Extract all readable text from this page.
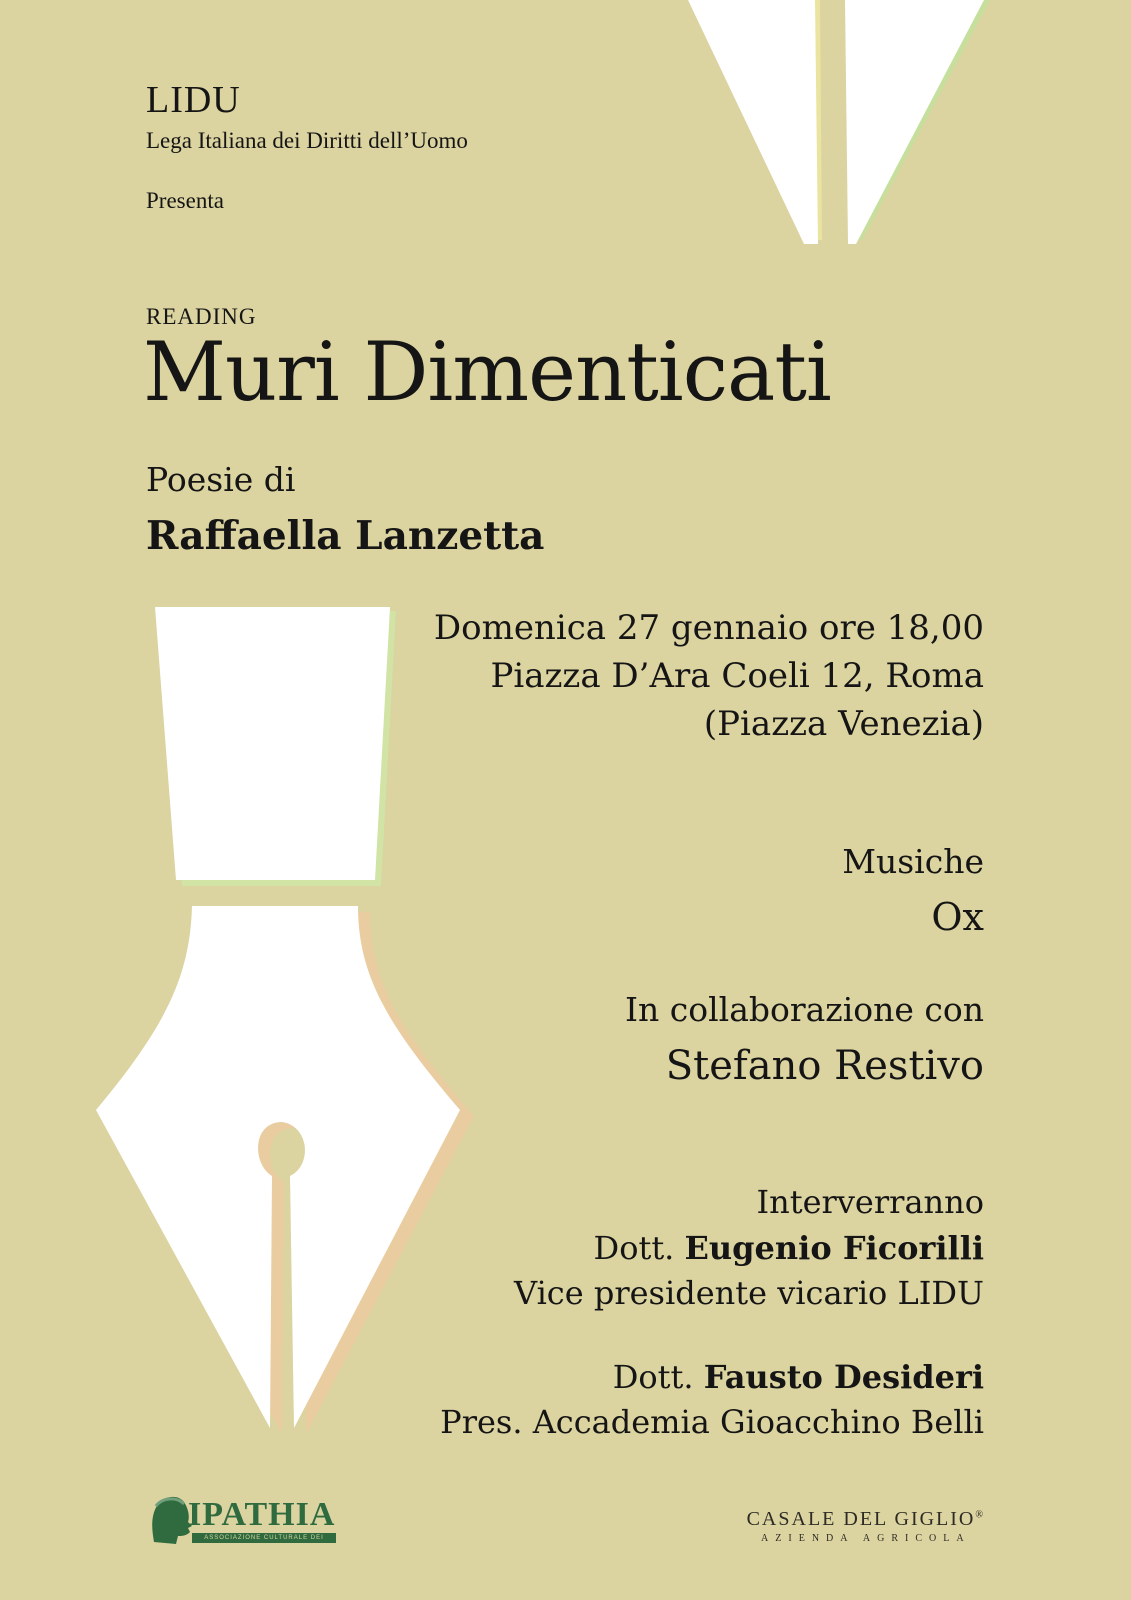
LIDU
Lega Italiana dei Diritti dell’Uomo
Presenta
READING
Muri Dimenticati
Poesie di
Raffaella Lanzetta
Domenica 27 gennaio ore 18,00
Piazza D’Ara Coeli 12, Roma
(Piazza Venezia)
Musiche
Ox
In collaborazione con
Stefano Restivo
Interverranno
Dott. Eugenio Ficorilli
Vice presidente vicario LIDU
Dott. Fausto Desideri
Pres. Accademia Gioacchino Belli
IPATHIA
ASSOCIAZIONE CULTURALE DEI DIRITTI UMANI
CASALE DEL GIGLIO®
AZIENDA AGRICOLA
